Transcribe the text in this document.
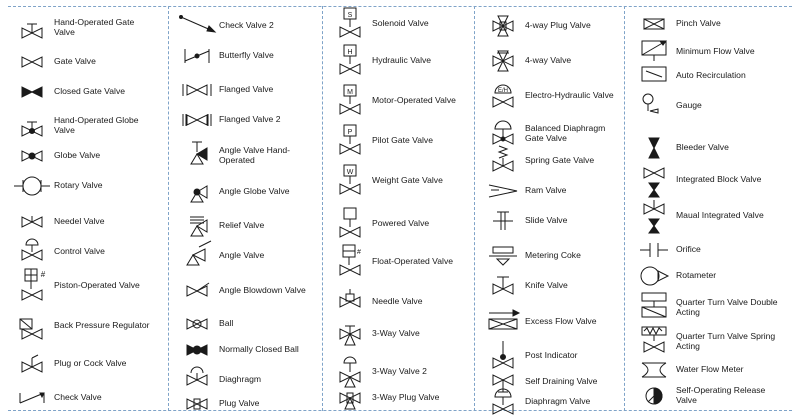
Hand-Operated Gate Valve
Gate Valve
Closed Gate Valve
Hand-Operated Globe Valve
Globe Valve
Rotary Valve
Needel Valve
Control Valve
#
Piston-Operated Valve
Back Pressure Regulator
Plug or Cock Valve
Check Valve
Check Valve 2
Butterfly Valve
Flanged Valve
Flanged Valve 2
Angle Valve Hand-Operated
Angle Globe Valve
Relief Valve
Angle Valve
Angle Blowdown Valve
Ball
Normally Closed Ball
Diaghragm
Plug Valve
S
Solenoid Valve
H
Hydraulic Valve
M
Motor-Operated Valve
P
Pilot Gate Valve
W
Weight Gate Valve
Powered Valve
#
Float-Operated Valve
Needle Valve
3-Way Valve
3-Way Valve 2
3-Way Plug Valve
4-way Plug Valve
4-way Valve
E/H Electro-Hydraulic Valve
Balanced Diaphragm Gate Valve
Spring Gate Valve
Ram Valve
Slide Valve
Metering Coke
Knife Valve
Excess Flow Valve
Post Indicator
Self Draining Valve
Diaphragm Valve
Pinch Valve
Minimum Flow Valve
Auto Recirculation
Gauge
Bleeder Valve
Integrated Block Valve
Maual Integrated Valve
Orifice
Rotameter
Quarter Turn Valve Double Acting
Quarter Turn Valve Spring Acting
Water Flow Meter
Self-Operating Release Valve
